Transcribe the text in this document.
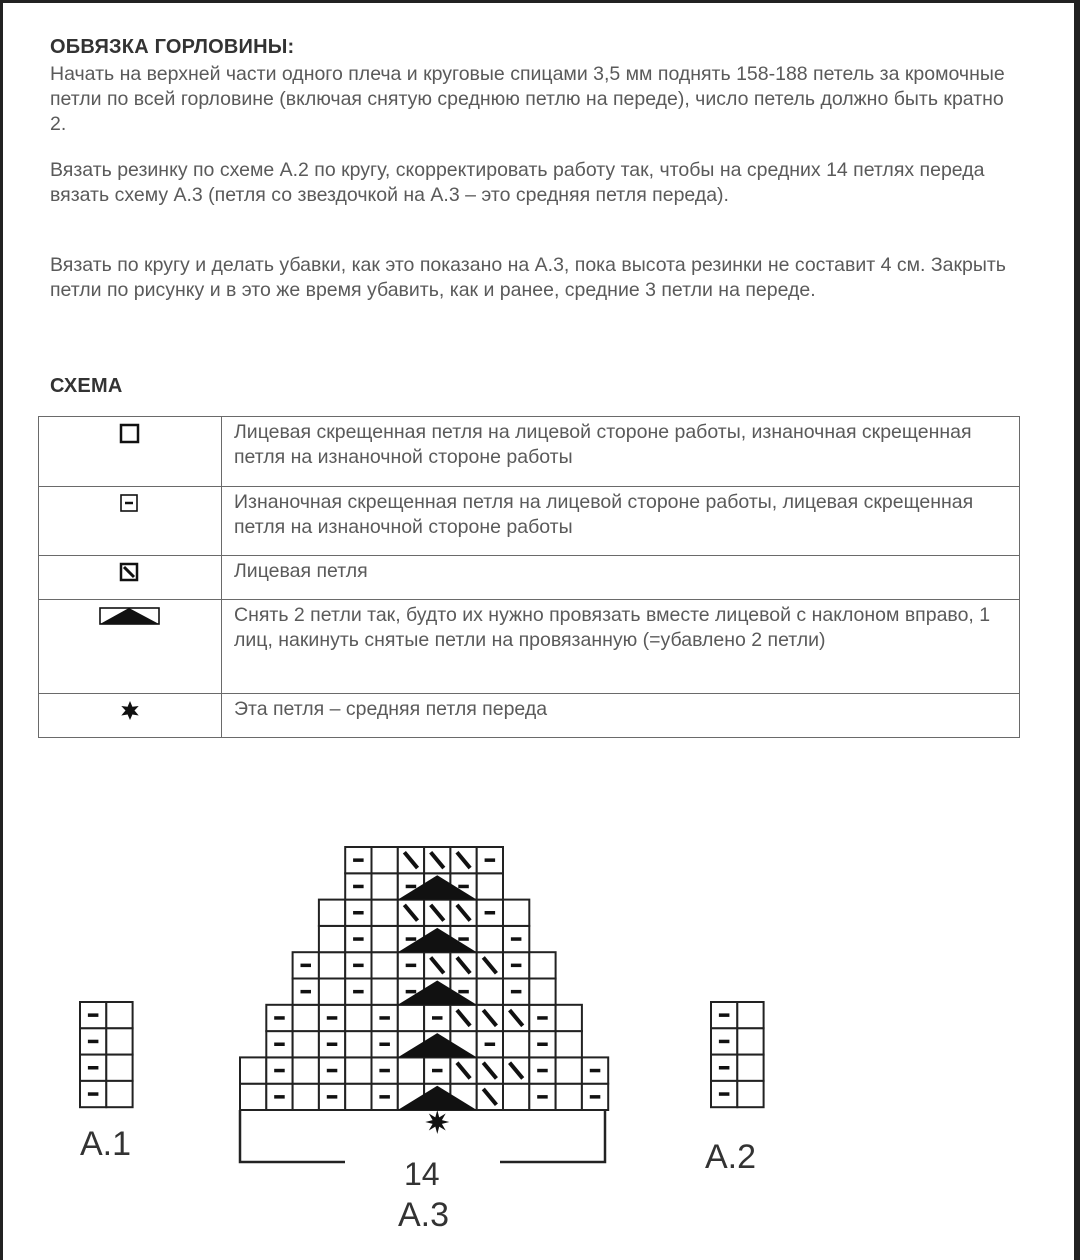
ОБВЯЗКА ГОРЛОВИНЫ:

Начать на верхней части одного плеча и круговые спицами 3,5 мм поднять 158-188 петель за кромочные петли по всей горловине (включая снятую среднюю петлю на переде), число петель должно быть кратно 2.

Вязать резинку по схеме А.2 по кругу, скорректировать работу так, чтобы на средних 14 петлях переда вязать схему А.3 (петля со звездочкой на А.3 – это средняя петля переда).

Вязать по кругу и делать убавки, как это показано на А.3, пока высота резинки не составит 4 см. Закрыть петли по рисунку и в это же время убавить, как и ранее, средние 3 петли на переде.

СХЕМА
	Лицевая скрещенная петля на лицевой стороне работы, изнаночная скрещенная петля на изнаночной стороне работы
	Изнаночная скрещенная петля на лицевой стороне работы, лицевая скрещенная петля на изнаночной стороне работы
	Лицевая петля
	Снять 2 петли так, будто их нужно провязать вместе лицевой с наклоном вправо, 1 лиц, накинуть снятые петли на провязанную (=убавлено 2 петли)
	Эта петля – средняя петля переда
A.1	A.2
14
A.3
